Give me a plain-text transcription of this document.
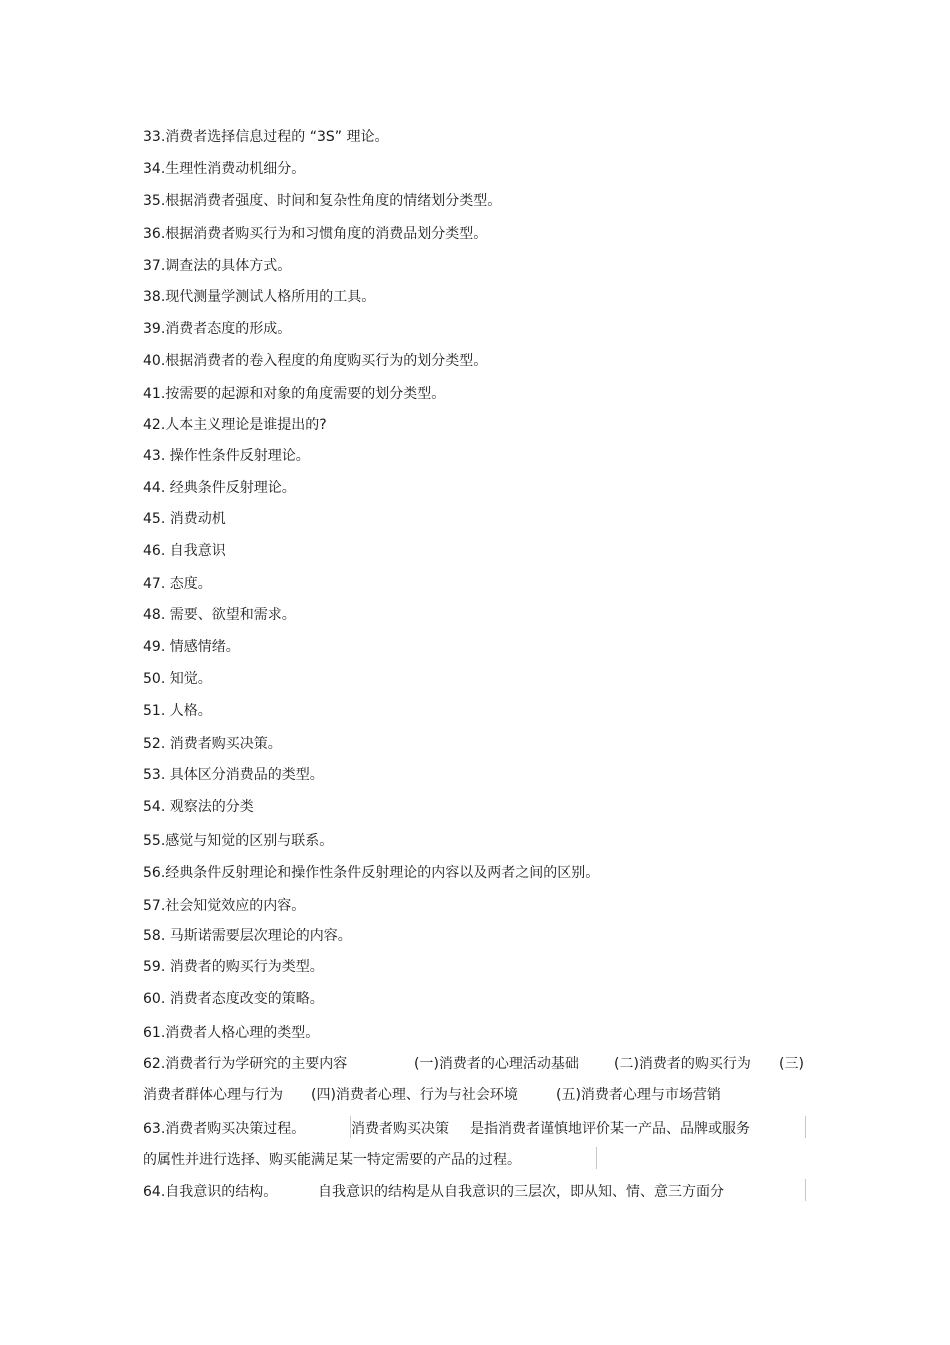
33.消费者选择信息过程的 “3S” 理论。
34.生理性消费动机细分。
35.根据消费者强度、时间和复杂性角度的情绪划分类型。
36.根据消费者购买行为和习惯角度的消费品划分类型。
37.调查法的具体方式。
38.现代测量学测试人格所用的工具。
39.消费者态度的形成。
40.根据消费者的卷入程度的角度购买行为的划分类型。
41.按需要的起源和对象的角度需要的划分类型。
42.人本主义理论是谁提出的?
43. 操作性条件反射理论。
44. 经典条件反射理论。
45. 消费动机
46. 自我意识
47. 态度。
48. 需要、欲望和需求。
49. 情感情绪。
50. 知觉。
51. 人格。
52. 消费者购买决策。
53. 具体区分消费品的类型。
54. 观察法的分类
55.感觉与知觉的区别与联系。
56.经典条件反射理论和操作性条件反射理论的内容以及两者之间的区别。
57.社会知觉效应的内容。
58. 马斯诺需要层次理论的内容。
59. 消费者的购买行为类型。
60. 消费者态度改变的策略。
61.消费者人格心理的类型。
62.消费者行为学研究的主要内容	(一)消费者的心理活动基础	(二)消费者的购买行为 (三)
消费者群体心理与行为 (四)消费者心理、行为与社会环境	(五)消费者心理与市场营销
63.消费者购买决策过程。	消费者购买决策 是指消费者谨慎地评价某一产品、品牌或服务
的属性并进行选择、购买能满足某一特定需要的产品的过程。
64.自我意识的结构。	自我意识的结构是从自我意识的三层次，即从知、情、意三方面分
